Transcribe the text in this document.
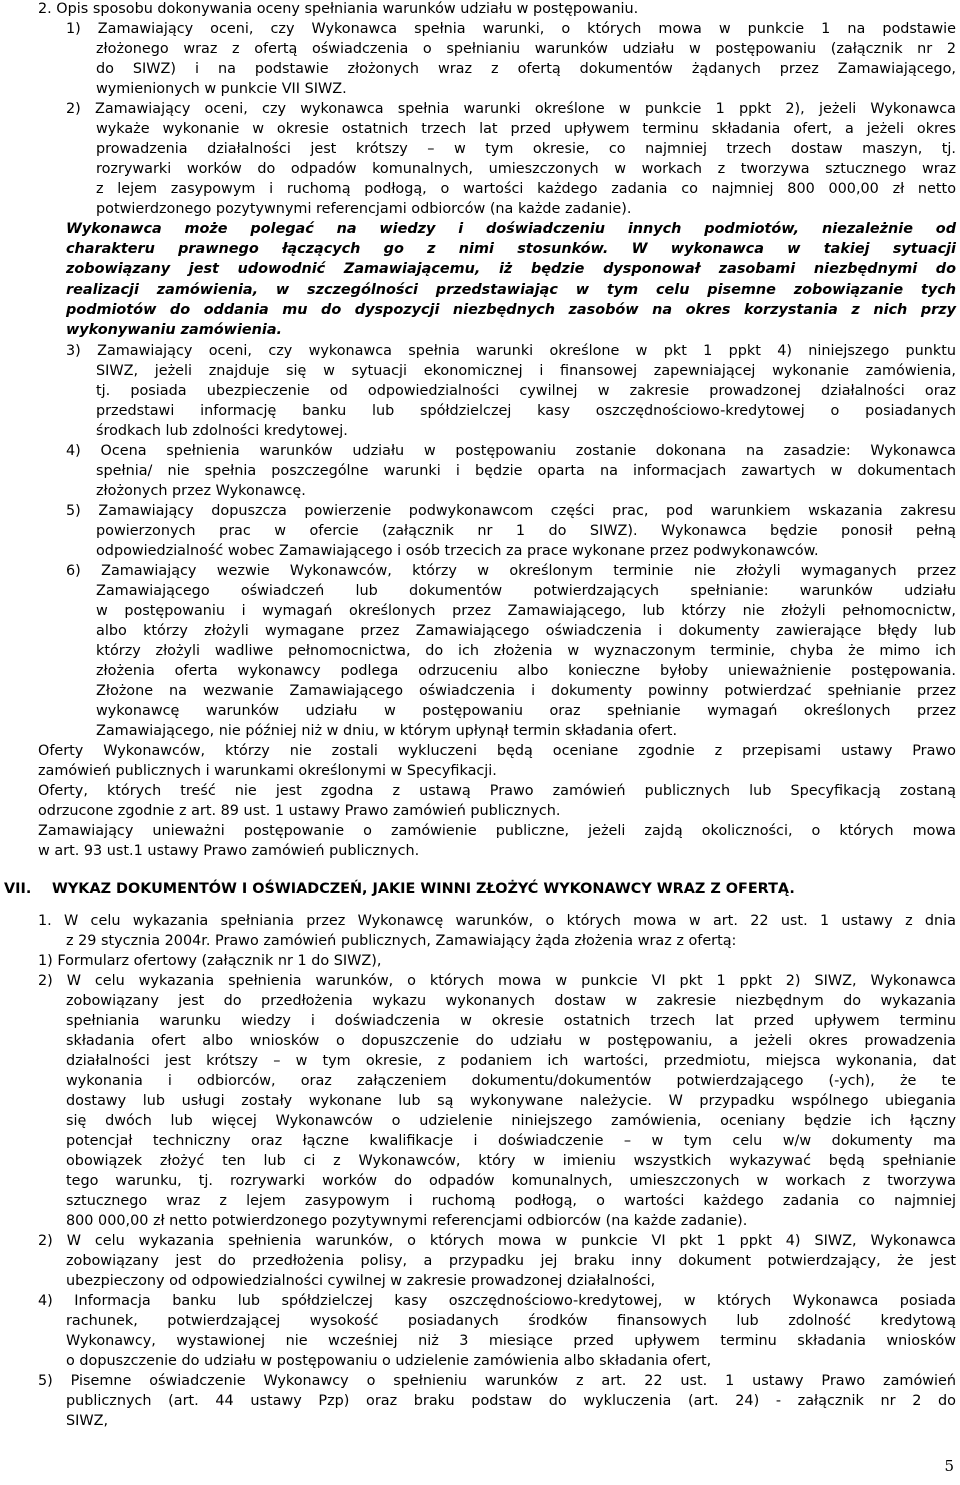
2. Opis sposobu dokonywania oceny spełniania warunków udziału w postępowaniu.
1) Zamawiający oceni, czy Wykonawca spełnia warunki, o których mowa w punkcie 1 na podstawie
złożonego wraz z ofertą oświadczenia o spełnianiu warunków udziału w postępowaniu (załącznik nr 2
do SIWZ) i na podstawie złożonych wraz z ofertą dokumentów żądanych przez Zamawiającego,
wymienionych w punkcie VII SIWZ.
2) Zamawiający oceni, czy wykonawca spełnia warunki określone w punkcie 1 ppkt 2), jeżeli Wykonawca
wykaże wykonanie w okresie ostatnich trzech lat przed upływem terminu składania ofert, a jeżeli okres
prowadzenia działalności jest krótszy – w tym okresie, co najmniej trzech dostaw maszyn, tj.
rozrywarki worków do odpadów komunalnych, umieszczonych w workach z tworzywa sztucznego wraz
z lejem zasypowym i ruchomą podłogą, o wartości każdego zadania co najmniej 800 000,00 zł netto
potwierdzonego pozytywnymi referencjami odbiorców (na każde zadanie).
Wykonawca może polegać na wiedzy i doświadczeniu innych podmiotów, niezależnie od
charakteru prawnego łączących go z nimi stosunków. W wykonawca w takiej sytuacji
zobowiązany jest udowodnić Zamawiającemu, iż będzie dysponował zasobami niezbędnymi do
realizacji zamówienia, w szczególności przedstawiając w tym celu pisemne zobowiązanie tych
podmiotów do oddania mu do dyspozycji niezbędnych zasobów na okres korzystania z nich przy
wykonywaniu zamówienia.
3) Zamawiający oceni, czy wykonawca spełnia warunki określone w pkt 1 ppkt 4) niniejszego punktu
SIWZ, jeżeli znajduje się w sytuacji ekonomicznej i finansowej zapewniającej wykonanie zamówienia,
tj. posiada ubezpieczenie od odpowiedzialności cywilnej w zakresie prowadzonej działalności oraz
przedstawi informację banku lub spółdzielczej kasy oszczędnościowo-kredytowej o posiadanych
środkach lub zdolności kredytowej.
4) Ocena spełnienia warunków udziału w postępowaniu zostanie dokonana na zasadzie: Wykonawca
spełnia/ nie spełnia poszczególne warunki i będzie oparta na informacjach zawartych w dokumentach
złożonych przez Wykonawcę.
5) Zamawiający dopuszcza powierzenie podwykonawcom części prac, pod warunkiem wskazania zakresu
powierzonych prac w ofercie (załącznik nr 1 do SIWZ). Wykonawca będzie ponosił pełną
odpowiedzialność wobec Zamawiającego i osób trzecich za prace wykonane przez podwykonawców.
6) Zamawiający wezwie Wykonawców, którzy w określonym terminie nie złożyli wymaganych przez
Zamawiającego oświadczeń lub dokumentów potwierdzających spełnianie: warunków udziału
w postępowaniu i wymagań określonych przez Zamawiającego, lub którzy nie złożyli pełnomocnictw,
albo którzy złożyli wymagane przez Zamawiającego oświadczenia i dokumenty zawierające błędy lub
którzy złożyli wadliwe pełnomocnictwa, do ich złożenia w wyznaczonym terminie, chyba że mimo ich
złożenia oferta wykonawcy podlega odrzuceniu albo konieczne byłoby unieważnienie postępowania.
Złożone na wezwanie Zamawiającego oświadczenia i dokumenty powinny potwierdzać spełnianie przez
wykonawcę warunków udziału w postępowaniu oraz spełnianie wymagań określonych przez
Zamawiającego, nie później niż w dniu, w którym upłynął termin składania ofert.
Oferty Wykonawców, którzy nie zostali wykluczeni będą oceniane zgodnie z przepisami ustawy Prawo
zamówień publicznych i warunkami określonymi w Specyfikacji.
Oferty, których treść nie jest zgodna z ustawą Prawo zamówień publicznych lub Specyfikacją zostaną
odrzucone zgodnie z art. 89 ust. 1 ustawy Prawo zamówień publicznych.
Zamawiający unieważni postępowanie o zamówienie publiczne, jeżeli zajdą okoliczności, o których mowa
w art. 93 ust.1 ustawy Prawo zamówień publicznych.
VII. WYKAZ DOKUMENTÓW I OŚWIADCZEŃ, JAKIE WINNI ZŁOŻYĆ WYKONAWCY WRAZ Z OFERTĄ.
1. W celu wykazania spełniania przez Wykonawcę warunków, o których mowa w art. 22 ust. 1 ustawy z dnia
z 29 stycznia 2004r. Prawo zamówień publicznych, Zamawiający żąda złożenia wraz z ofertą:
1) Formularz ofertowy (załącznik nr 1 do SIWZ),
2) W celu wykazania spełnienia warunków, o których mowa w punkcie VI pkt 1 ppkt 2) SIWZ, Wykonawca
zobowiązany jest do przedłożenia wykazu wykonanych dostaw w zakresie niezbędnym do wykazania
spełniania warunku wiedzy i doświadczenia w okresie ostatnich trzech lat przed upływem terminu
składania ofert albo wniosków o dopuszczenie do udziału w postępowaniu, a jeżeli okres prowadzenia
działalności jest krótszy – w tym okresie, z podaniem ich wartości, przedmiotu, miejsca wykonania, dat
wykonania i odbiorców, oraz załączeniem dokumentu/dokumentów potwierdzającego (-ych), że te
dostawy lub usługi zostały wykonane lub są wykonywane należycie. W przypadku wspólnego ubiegania
się dwóch lub więcej Wykonawców o udzielenie niniejszego zamówienia, oceniany będzie ich łączny
potencjał techniczny oraz łączne kwalifikacje i doświadczenie – w tym celu w/w dokumenty ma
obowiązek złożyć ten lub ci z Wykonawców, który w imieniu wszystkich wykazywać będą spełnianie
tego warunku, tj. rozrywarki worków do odpadów komunalnych, umieszczonych w workach z tworzywa
sztucznego wraz z lejem zasypowym i ruchomą podłogą, o wartości każdego zadania co najmniej
800 000,00 zł netto potwierdzonego pozytywnymi referencjami odbiorców (na każde zadanie).
2) W celu wykazania spełnienia warunków, o których mowa w punkcie VI pkt 1 ppkt 4) SIWZ, Wykonawca
zobowiązany jest do przedłożenia polisy, a przypadku jej braku inny dokument potwierdzający, że jest
ubezpieczony od odpowiedzialności cywilnej w zakresie prowadzonej działalności,
4) Informacja banku lub spółdzielczej kasy oszczędnościowo-kredytowej, w których Wykonawca posiada
rachunek, potwierdzającej wysokość posiadanych środków finansowych lub zdolność kredytową
Wykonawcy, wystawionej nie wcześniej niż 3 miesiące przed upływem terminu składania wniosków
o dopuszczenie do udziału w postępowaniu o udzielenie zamówienia albo składania ofert,
5) Pisemne oświadczenie Wykonawcy o spełnieniu warunków z art. 22 ust. 1 ustawy Prawo zamówień
publicznych (art. 44 ustawy Pzp) oraz braku podstaw do wykluczenia (art. 24) - załącznik nr 2 do
SIWZ,
5
